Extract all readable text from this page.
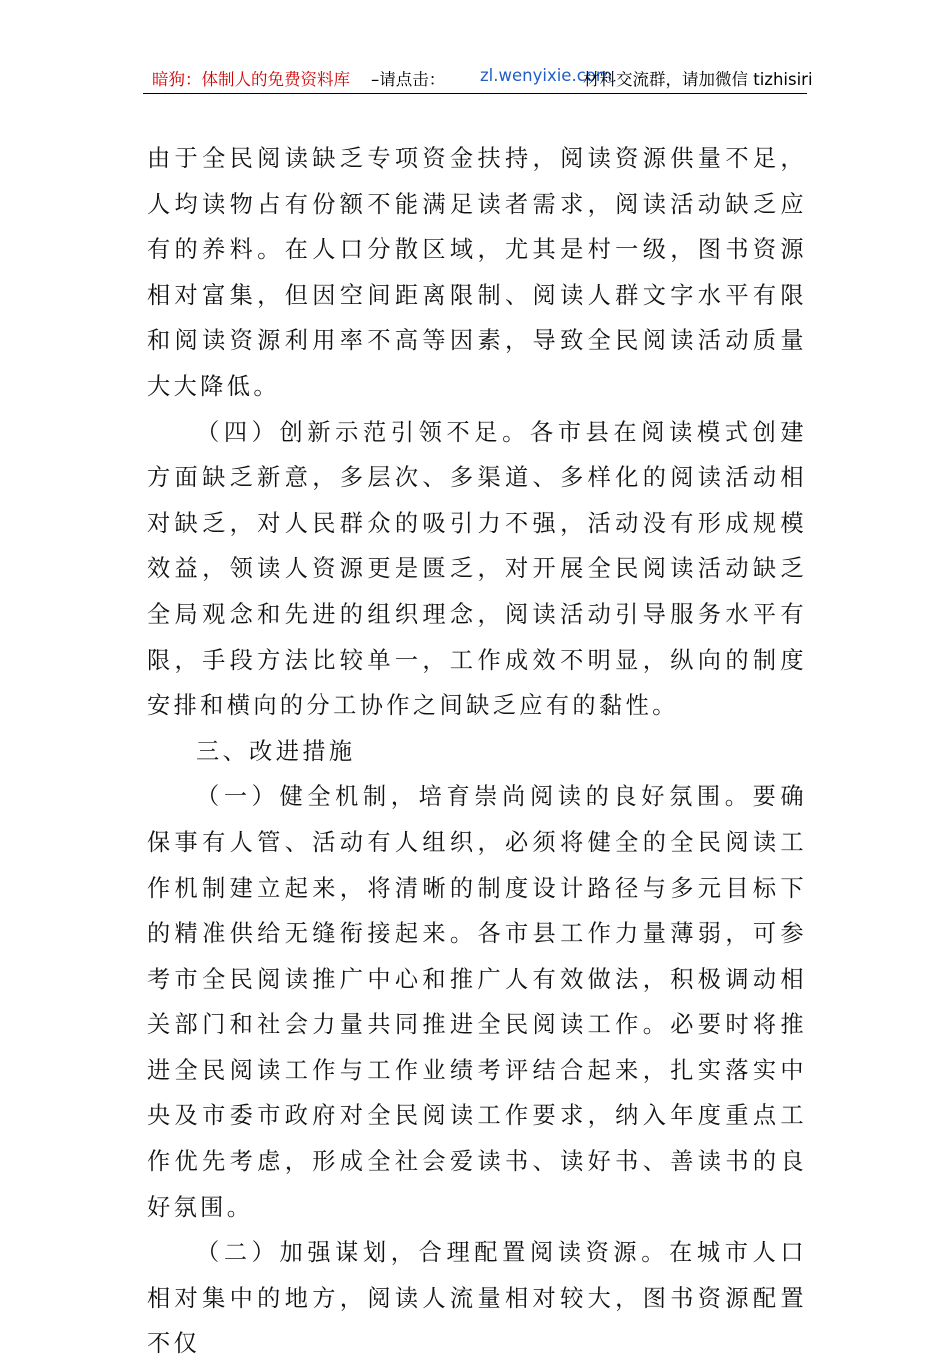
暗狗：体制人的免费资料库 –请点击： zl.wenyixie.com
材料交流群，请加微信 tizhisiri

由于全民阅读缺乏专项资金扶持，阅读资源供量不足，人均读物占有份额不能满足读者需求，阅读活动缺乏应有的养料。在人口分散区域，尤其是村一级，图书资源相对富集，但因空间距离限制、阅读人群文字水平有限和阅读资源利用率不高等因素，导致全民阅读活动质量大大降低。

（四）创新示范引领不足。各市县在阅读模式创建方面缺乏新意，多层次、多渠道、多样化的阅读活动相对缺乏，对人民群众的吸引力不强，活动没有形成规模效益，领读人资源更是匮乏，对开展全民阅读活动缺乏全局观念和先进的组织理念，阅读活动引导服务水平有限，手段方法比较单一，工作成效不明显，纵向的制度安排和横向的分工协作之间缺乏应有的黏性。

三、改进措施

（一）健全机制，培育崇尚阅读的良好氛围。要确保事有人管、活动有人组织，必须将健全的全民阅读工作机制建立起来，将清晰的制度设计路径与多元目标下的精准供给无缝衔接起来。各市县工作力量薄弱，可参考市全民阅读推广中心和推广人有效做法，积极调动相关部门和社会力量共同推进全民阅读工作。必要时将推进全民阅读工作与工作业绩考评结合起来，扎实落实中央及市委市政府对全民阅读工作要求，纳入年度重点工作优先考虑，形成全社会爱读书、读好书、善读书的良好氛围。

（二）加强谋划，合理配置阅读资源。在城市人口相对集中的地方，阅读人流量相对较大，图书资源配置不仅
